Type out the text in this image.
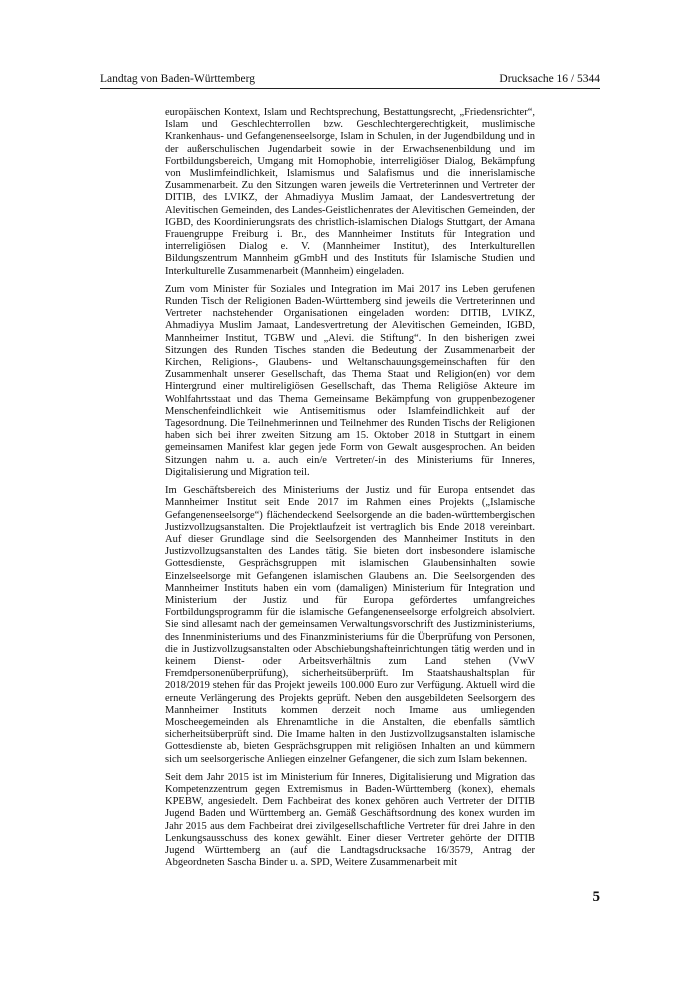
Landtag von Baden-Württemberg	Drucksache 16 / 5344

europäischen Kontext, Islam und Rechtsprechung, Bestattungsrecht, „Friedensrichter“, Islam und Geschlechterrollen bzw. Geschlechtergerechtigkeit, muslimische Krankenhaus- und Gefangenenseelsorge, Islam in Schulen, in der Jugendbildung und in der außerschulischen Jugendarbeit sowie in der Erwachsenenbildung und im Fortbildungsbereich, Umgang mit Homophobie, interreligiöser Dialog, Bekämpfung von Muslimfeindlichkeit, Islamismus und Salafismus und die innerislamische Zusammenarbeit. Zu den Sitzungen waren jeweils die Vertreterinnen und Vertreter der DITIB, des LVIKZ, der Ahmadiyya Muslim Jamaat, der Landesvertretung der Alevitischen Gemeinden, des Landes-Geistlichenrates der Alevitischen Gemeinden, der IGBD, des Koordinierungsrats des christlich-islamischen Dialogs Stuttgart, der Amana Frauengruppe Freiburg i. Br., des Mannheimer Instituts für Integration und interreligiösen Dialog e. V. (Mannheimer Institut), des Interkulturellen Bildungszentrum Mannheim gGmbH und des Instituts für Islamische Studien und Interkulturelle Zusammenarbeit (Mannheim) eingeladen.

Zum vom Minister für Soziales und Integration im Mai 2017 ins Leben gerufenen Runden Tisch der Religionen Baden-Württemberg sind jeweils die Vertreterinnen und Vertreter nachstehender Organisationen eingeladen worden: DITIB, LVIKZ, Ahmadiyya Muslim Jamaat, Landesvertretung der Alevitischen Gemeinden, IGBD, Mannheimer Institut, TGBW und „Alevi. die Stiftung“. In den bisherigen zwei Sitzungen des Runden Tisches standen die Bedeutung der Zusammenarbeit der Kirchen, Religions-, Glaubens- und Weltanschauungsgemeinschaften für den Zusammenhalt unserer Gesellschaft, das Thema Staat und Religion(en) vor dem Hintergrund einer multireligiösen Gesellschaft, das Thema Religiöse Akteure im Wohlfahrtsstaat und das Thema Gemeinsame Bekämpfung von gruppenbezogener Menschenfeindlichkeit wie Antisemitismus oder Islamfeindlichkeit auf der Tagesordnung. Die Teilnehmerinnen und Teilnehmer des Runden Tischs der Religionen haben sich bei ihrer zweiten Sitzung am 15. Oktober 2018 in Stuttgart in einem gemeinsamen Manifest klar gegen jede Form von Gewalt ausgesprochen. An beiden Sitzungen nahm u. a. auch ein/e Vertreter/-in des Ministeriums für Inneres, Digitalisierung und Migration teil.

Im Geschäftsbereich des Ministeriums der Justiz und für Europa entsendet das Mannheimer Institut seit Ende 2017 im Rahmen eines Projekts („Islamische Gefangenenseelsorge“) flächendeckend Seelsorgende an die baden-württembergischen Justizvollzugsanstalten. Die Projektlaufzeit ist vertraglich bis Ende 2018 vereinbart. Auf dieser Grundlage sind die Seelsorgenden des Mannheimer Instituts in den Justizvollzugsanstalten des Landes tätig. Sie bieten dort insbesondere islamische Gottesdienste, Gesprächsgruppen mit islamischen Glaubensinhalten sowie Einzelseelsorge mit Gefangenen islamischen Glaubens an. Die Seelsorgenden des Mannheimer Instituts haben ein vom (damaligen) Ministerium für Integration und Ministerium der Justiz und für Europa gefördertes umfangreiches Fortbildungsprogramm für die islamische Gefangenenseelsorge erfolgreich absolviert. Sie sind allesamt nach der gemeinsamen Verwaltungsvorschrift des Justizministeriums, des Innenministeriums und des Finanzministeriums für die Überprüfung von Personen, die in Justizvollzugsanstalten oder Abschiebungshafteinrichtungen tätig werden und in keinem Dienst- oder Arbeitsverhältnis zum Land stehen (VwV Fremdpersonenüberprüfung), sicherheitsüberprüft. Im Staatshaushaltsplan für 2018/2019 stehen für das Projekt jeweils 100.000 Euro zur Verfügung. Aktuell wird die erneute Verlängerung des Projekts geprüft. Neben den ausgebildeten Seelsorgern des Mannheimer Instituts kommen derzeit noch Imame aus umliegenden Moscheegemeinden als Ehrenamtliche in die Anstalten, die ebenfalls sämtlich sicherheitsüberprüft sind. Die Imame halten in den Justizvollzugsanstalten islamische Gottesdienste ab, bieten Gesprächsgruppen mit religiösen Inhalten an und kümmern sich um seelsorgerische Anliegen einzelner Gefangener, die sich zum Islam bekennen.

Seit dem Jahr 2015 ist im Ministerium für Inneres, Digitalisierung und Migration das Kompetenzzentrum gegen Extremismus in Baden-Württemberg (konex), ehemals KPEBW, angesiedelt. Dem Fachbeirat des konex gehören auch Vertreter der DITIB Jugend Baden und Württemberg an. Gemäß Geschäftsordnung des konex wurden im Jahr 2015 aus dem Fachbeirat drei zivilgesellschaftliche Vertreter für drei Jahre in den Lenkungsausschuss des konex gewählt. Einer dieser Vertreter gehörte der DITIB Jugend Württemberg an (auf die Landtagsdrucksache 16/3579, Antrag der Abgeordneten Sascha Binder u. a. SPD, Weitere Zusammenarbeit mit

5
